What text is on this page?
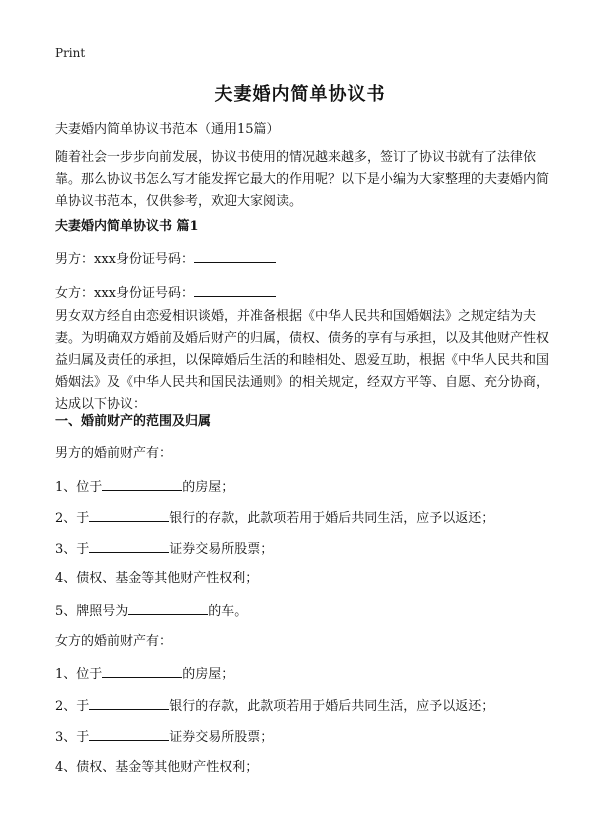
Print
夫妻婚内简单协议书
夫妻婚内简单协议书范本（通用15篇）
随着社会一步步向前发展，协议书使用的情况越来越多，签订了协议书就有了法律依靠。那么协议书怎么写才能发挥它最大的作用呢？以下是小编为大家整理的夫妻婚内简单协议书范本，仅供参考，欢迎大家阅读。
夫妻婚内简单协议书 篇1
男方：xxx身份证号码：
女方：xxx身份证号码：
男女双方经自由恋爱相识谈婚，并准备根据《中华人民共和国婚姻法》之规定结为夫妻。为明确双方婚前及婚后财产的归属，债权、债务的享有与承担，以及其他财产性权益归属及责任的承担，以保障婚后生活的和睦相处、恩爱互助，根据《中华人民共和国婚姻法》及《中华人民共和国民法通则》的相关规定，经双方平等、自愿、充分协商，达成以下协议：
一、婚前财产的范围及归属
男方的婚前财产有：
1、位于	的房屋；
2、于	银行的存款，此款项若用于婚后共同生活，应予以返还；
3、于	证券交易所股票；
4、债权、基金等其他财产性权利；
5、牌照号为	的车。
女方的婚前财产有：
1、位于	的房屋；
2、于	银行的存款，此款项若用于婚后共同生活，应予以返还；
3、于	证券交易所股票；
4、债权、基金等其他财产性权利；
